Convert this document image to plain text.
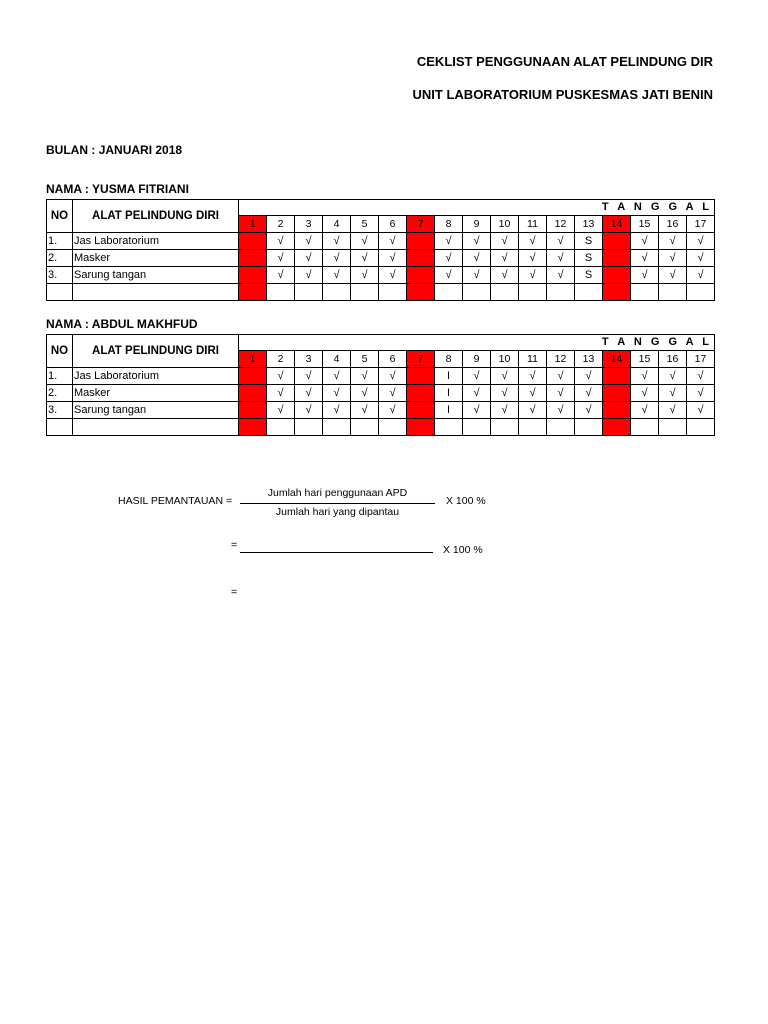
CEKLIST PENGGUNAAN ALAT PELINDUNG DIR
UNIT LABORATORIUM PUSKESMAS JATI BENIN
BULAN : JANUARI 2018
NAMA : YUSMA FITRIANI
NO	ALAT PELINDUNG DIRI	T A N G G A L																
		1	2	3	4	5	6	7	8	9	10	11	12	13	14	15	16	17
1.	Jas Laboratorium		√	√	√	√	√		√	√	√	√	√	S		√	√	√
2.	Masker		√	√	√	√	√		√	√	√	√	√	S		√	√	√
3.	Sarung tangan		√	√	√	√	√		√	√	√	√	√	S		√	√	√

NAMA : ABDUL MAKHFUD
NO	ALAT PELINDUNG DIRI	T A N G G A L																
		1	2	3	4	5	6	7	8	9	10	11	12	13	14	15	16	17
1.	Jas Laboratorium		√	√	√	√	√		I	√	√	√	√	√		√	√	√
2.	Masker		√	√	√	√	√		I	√	√	√	√	√		√	√	√
3.	Sarung tangan		√	√	√	√	√		I	√	√	√	√	√		√	√	√

HASIL PEMANTAUAN =
Jumlah hari penggunaan APD
Jumlah hari yang dipantau
X 100 %
=	X 100 %
=
